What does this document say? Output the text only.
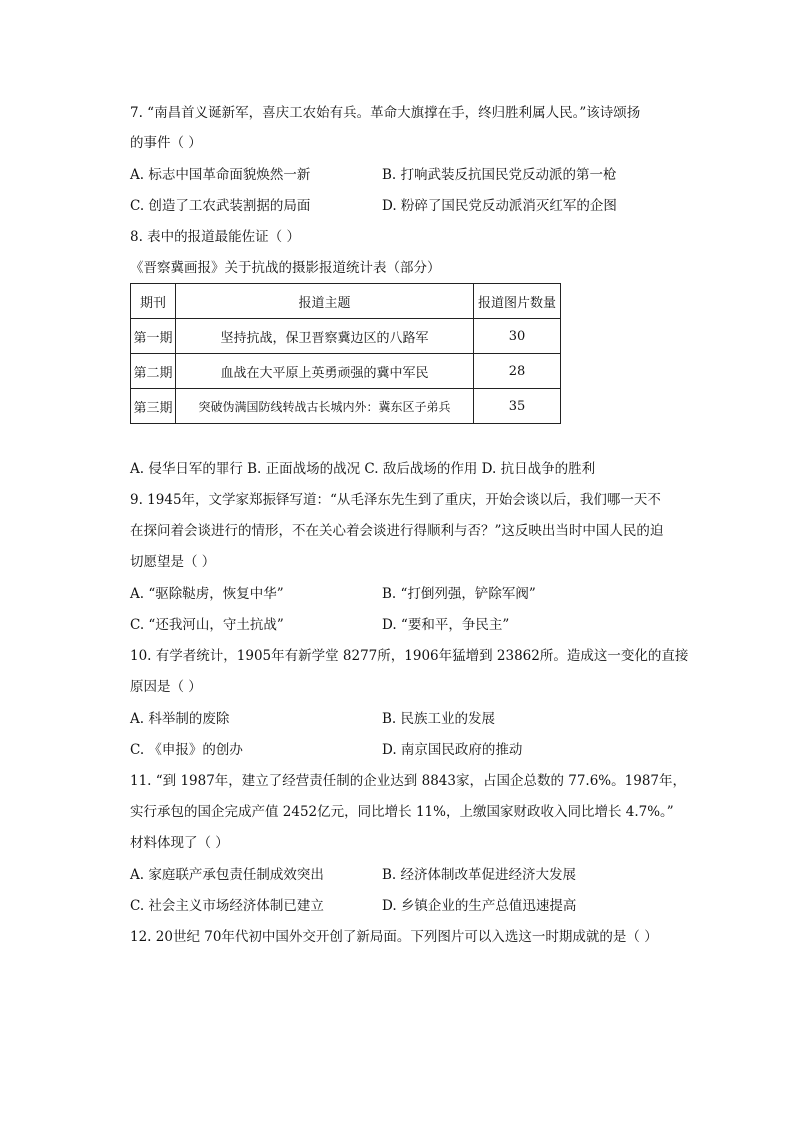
7. “南昌首义诞新军，喜庆工农始有兵。革命大旗撑在手，终归胜利属人民。”该诗颂扬
的事件（ ）
A. 标志中国革命面貌焕然一新	B. 打响武装反抗国民党反动派的第一枪
C. 创造了工农武装割据的局面	D. 粉碎了国民党反动派消灭红军的企图
8. 表中的报道最能佐证（ ）
《晋察冀画报》关于抗战的摄影报道统计表（部分）
期刊	报道主题	报道图片数量
第一期	坚持抗战，保卫晋察冀边区的八路军	30
第二期	血战在大平原上英勇顽强的冀中军民	28
第三期	突破伪满国防线转战古长城内外：冀东区子弟兵	35
A. 侵华日军的罪行 B. 正面战场的战况 C. 敌后战场的作用 D. 抗日战争的胜利
9. 1945年，文学家郑振铎写道：“从毛泽东先生到了重庆，开始会谈以后，我们哪一天不
在探问着会谈进行的情形，不在关心着会谈进行得顺利与否？”这反映出当时中国人民的迫
切愿望是（ ）
A. “驱除鞑虏，恢复中华”	B. “打倒列强，铲除军阀”
C. “还我河山，守土抗战”	D. “要和平，争民主”
10. 有学者统计，1905年有新学堂 8277所，1906年猛增到 23862所。造成这一变化的直接
原因是（ ）
A. 科举制的废除	B. 民族工业的发展
C. 《申报》的创办	D. 南京国民政府的推动
11. “到 1987年，建立了经营责任制的企业达到 8843家，占国企总数的 77.6%。1987年，
实行承包的国企完成产值 2452亿元，同比增长 11%，上缴国家财政收入同比增长 4.7%。”
材料体现了（ ）
A. 家庭联产承包责任制成效突出	B. 经济体制改革促进经济大发展
C. 社会主义市场经济体制已建立	D. 乡镇企业的生产总值迅速提高
12. 20世纪 70年代初中国外交开创了新局面。下列图片可以入选这一时期成就的是（ ）
